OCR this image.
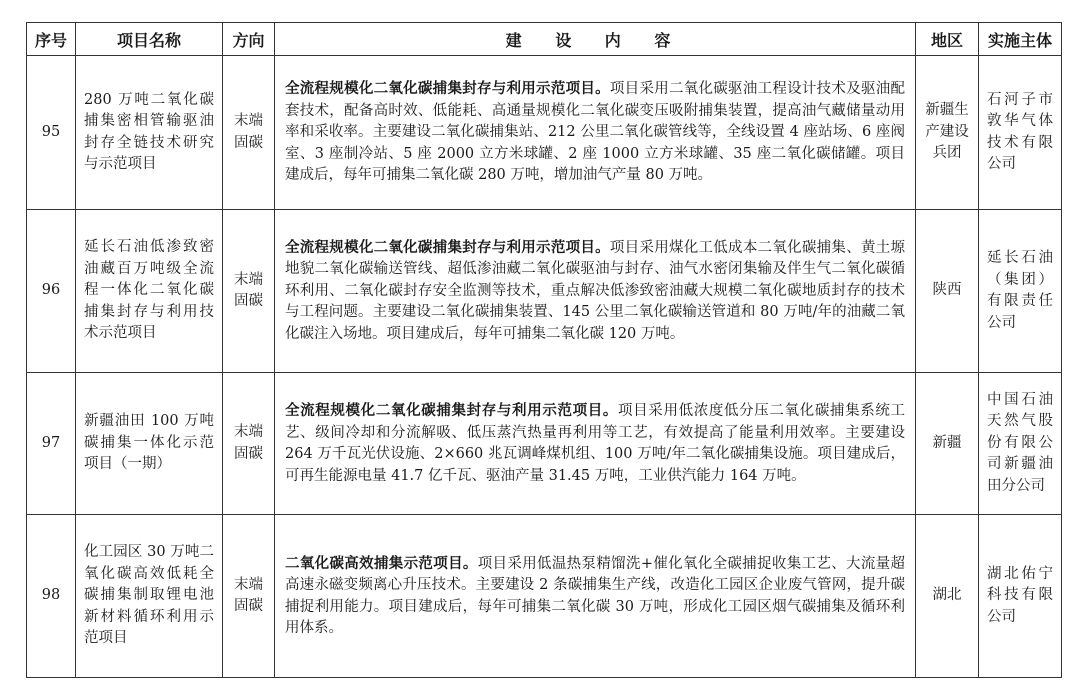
序号	项目名称	方向	建 设 内 容	地区	实施主体
95	280 万吨二氧化碳捕集密相管输驱油封存全链技术研究与示范项目	末端固碳	全流程规模化二氧化碳捕集封存与利用示范项目。项目采用二氧化碳驱油工程设计技术及驱油配套技术，配备高时效、低能耗、高通量规模化二氧化碳变压吸附捕集装置，提高油气藏储量动用率和采收率。主要建设二氧化碳捕集站、212 公里二氧化碳管线等，全线设置 4 座站场、6 座阀室、3 座制冷站、5 座 2000 立方米球罐、2 座 1000 立方米球罐、35 座二氧化碳储罐。项目建成后，每年可捕集二氧化碳 280 万吨，增加油气产量 80 万吨。	新疆生产建设兵团	石河子市敦华气体技术有限公司
96	延长石油低渗致密油藏百万吨级全流程一体化二氧化碳捕集封存与利用技术示范项目	末端固碳	全流程规模化二氧化碳捕集封存与利用示范项目。项目采用煤化工低成本二氧化碳捕集、黄土塬地貌二氧化碳输送管线、超低渗油藏二氧化碳驱油与封存、油气水密闭集输及伴生气二氧化碳循环利用、二氧化碳封存安全监测等技术，重点解决低渗致密油藏大规模二氧化碳地质封存的技术与工程问题。主要建设二氧化碳捕集装置、145 公里二氧化碳输送管道和 80 万吨/年的油藏二氧化碳注入场地。项目建成后，每年可捕集二氧化碳 120 万吨。	陕西	延长石油（集团）有限责任公司
97	新疆油田 100 万吨碳捕集一体化示范项目（一期）	末端固碳	全流程规模化二氧化碳捕集封存与利用示范项目。项目采用低浓度低分压二氧化碳捕集系统工艺、级间冷却和分流解吸、低压蒸汽热量再利用等工艺，有效提高了能量利用效率。主要建设 264 万千瓦光伏设施、2×660 兆瓦调峰煤机组、100 万吨/年二氧化碳捕集设施。项目建成后，可再生能源电量 41.7 亿千瓦、驱油产量 31.45 万吨，工业供汽能力 164 万吨。	新疆	中国石油天然气股份有限公司新疆油田分公司
98	化工园区 30 万吨二氧化碳高效低耗全碳捕集制取锂电池新材料循环利用示范项目	末端固碳	二氧化碳高效捕集示范项目。项目采用低温热泵精馏洗+催化氧化全碳捕捉收集工艺、大流量超高速永磁变频离心升压技术。主要建设 2 条碳捕集生产线，改造化工园区企业废气管网，提升碳捕捉利用能力。项目建成后，每年可捕集二氧化碳 30 万吨，形成化工园区烟气碳捕集及循环利用体系。	湖北	湖北佑宁科技有限公司
